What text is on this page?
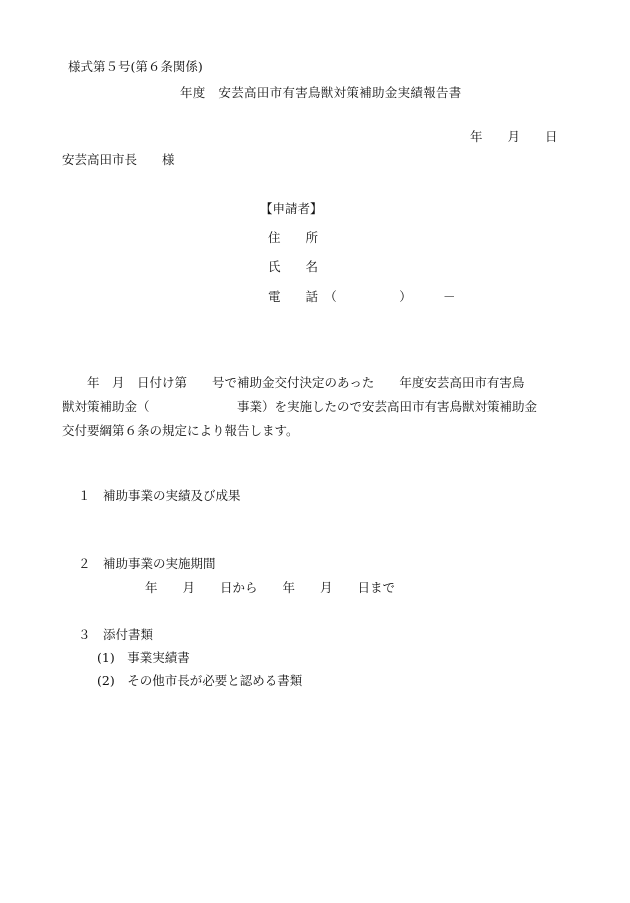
様式第５号(第６条関係)
年度　安芸高田市有害鳥獣対策補助金実績報告書
年　　月　　日
安芸高田市長　　様
【申請者】
住　　所
氏　　名
電　　話　（　　　　　）　　　－
　　年　月　日付け第　　号で補助金交付決定のあった　　年度安芸高田市有害鳥
獣対策補助金（　　　　　　　事業）を実施したので安芸高田市有害鳥獣対策補助金
交付要綱第６条の規定により報告します。
１　補助事業の実績及び成果
２　補助事業の実施期間
年　　月　　日から　　年　　月　　日まで
３　添付書類
(1)　事業実績書
(2)　その他市長が必要と認める書類
